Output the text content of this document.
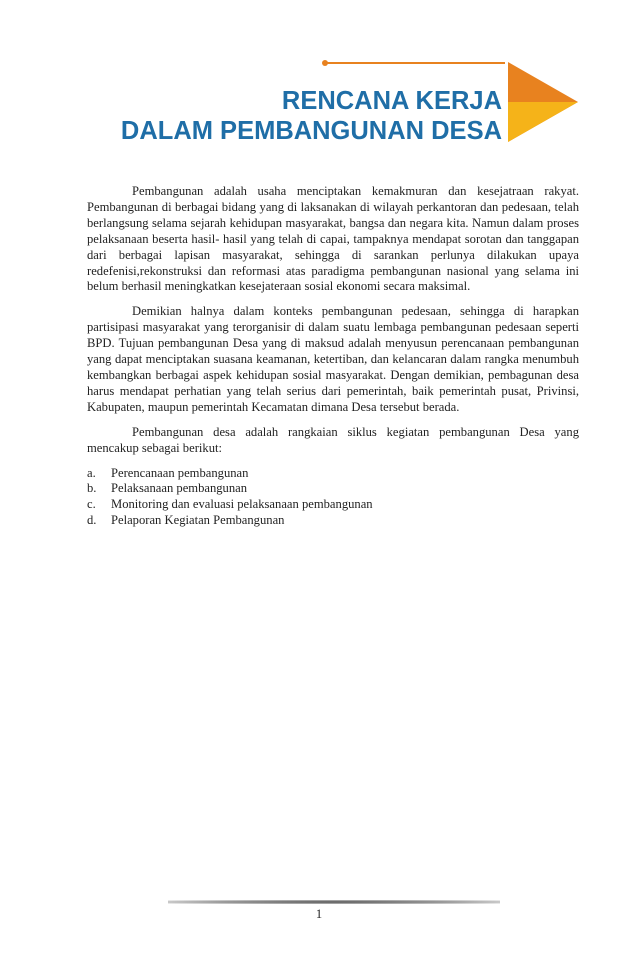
RENCANA KERJA
DALAM PEMBANGUNAN DESA

Pembangunan adalah usaha menciptakan kemakmuran dan kesejatraan rakyat. Pembangunan di berbagai bidang yang di laksanakan di wilayah perkantoran dan pedesaan, telah berlangsung selama sejarah kehidupan masyarakat, bangsa dan negara kita. Namun dalam proses pelaksanaan beserta hasil- hasil yang telah di capai, tampaknya mendapat sorotan dan tanggapan dari berbagai lapisan masyarakat, sehingga di sarankan perlunya dilakukan upaya redefenisi,rekonstruksi dan reformasi atas paradigma pembangunan nasional yang selama ini belum berhasil meningkatkan kesejateraan sosial ekonomi secara maksimal.

Demikian halnya dalam konteks pembangunan pedesaan, sehingga di harapkan partisipasi masyarakat yang terorganisir di dalam suatu lembaga pembangunan pedesaan seperti BPD. Tujuan pembangunan Desa yang di maksud adalah menyusun perencanaan pembangunan yang dapat menciptakan suasana keamanan, ketertiban, dan kelancaran dalam rangka menumbuh kembangkan berbagai aspek kehidupan sosial masyarakat. Dengan demikian, pembagunan desa harus mendapat perhatian yang telah serius dari pemerintah, baik pemerintah pusat, Privinsi, Kabupaten, maupun pemerintah Kecamatan dimana Desa tersebut berada.

Pembangunan desa adalah rangkaian siklus kegiatan pembangunan Desa yang mencakup sebagai berikut:

a.	Perencanaan pembangunan
b.	Pelaksanaan pembangunan
c.	Monitoring dan evaluasi pelaksanaan pembangunan
d.	Pelaporan Kegiatan Pembangunan
1
